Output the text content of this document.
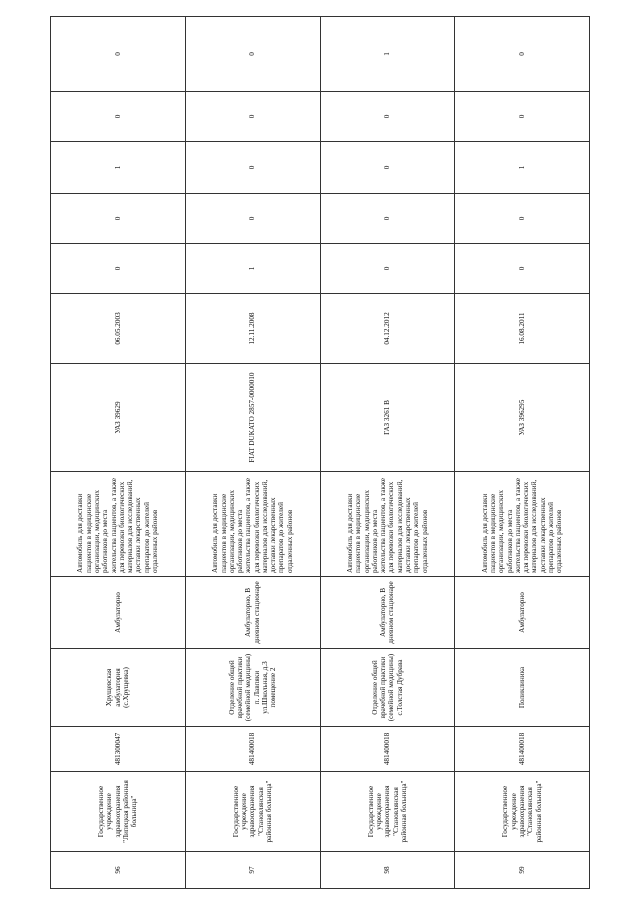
96	Государственное учреждение здравоохранения "Липецкая районная больница"	481300047	Хрущевская амбулатория (с.Хрущевка)	Амбулаторно	Автомобиль для доставки пациентов в медицинские организации, медицинских работников до места жительства пациентов, а также для перевозки биологических материалов для исследований, доставки лекарственных препаратов до жителей отдаленных районов	УАЗ 39629	06.05.2003	0	0	1	0	0
97	Государственное учреждение здравоохранения "Становлянская районная больница"	481400018	Отделение общей врачебной практики (семейной медицины) п. Лавпяки ул.Школьная, д.3 помещение 2	Амбулаторно, В дневном стационаре	Автомобиль для доставки пациентов в медицинские организации, медицинских работников до места жительства пациентов, а также для перевозки биологических материалов для исследований, доставки лекарственных препаратов до жителей отдаленных районов	FIAT DUKATO 2857-0000010	12.11.2008	1	0	0	0	0
98	Государственное учреждение здравоохранения "Становлянская районная больница"	481400018	Отделение общей врачебной практики (семейной медицины) с.Толстая Дубрава	Амбулаторно, В дневном стационаре	Автомобиль для доставки пациентов в медицинские организации, медицинских работников до места жительства пациентов, а также для перевозки биологических материалов для исследований, доставки лекарственных препаратов до жителей отдаленных районов	ГАЗ 3261 В	04.12.2012	0	0	0	0	1
99	Государственное учреждение здравоохранения "Становлянская районная больница"	481400018	Поликлиника	Амбулаторно	Автомобиль для доставки пациентов в медицинские организации, медицинских работников до места жительства пациентов, а также для перевозки биологических материалов для исследований, доставки лекарственных препаратов до жителей отдаленных районов	УАЗ 396295	16.08.2011	0	0	1	0	0
